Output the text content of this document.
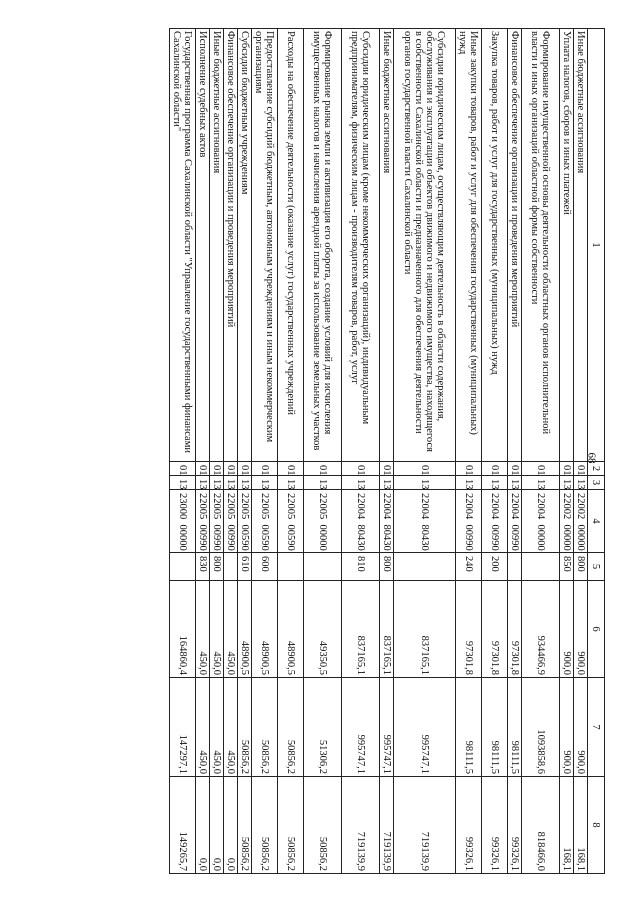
68
1	2	3	4	5	6	7	8
Иные бюджетные ассигнования	01	13	22002  00000	800	900,0	900,0	168,1
Уплата налогов, сборов и иных платежей	01	13	22002  00000	850	900,0	900,0	168,1
Формирование имущественной основы деятельности областных органов исполнительной власти и иных организаций областной формы собственности	01	13	22004  00000		934466,9	1093858,6	818466,0
Финансовое обеспечение организации и проведения мероприятий	01	13	22004  00990		97301,8	98111,5	99326,1
Закупка товаров, работ и услуг для государственных (муниципальных) нужд	01	13	22004  00990	200	97301,8	98111,5	99326,1
Иные закупки товаров, работ и услуг для обеспечения государственных (муниципальных) нужд	01	13	22004  00990	240	97301,8	98111,5	99326,1
Субсидии юридическим лицам, осуществляющим деятельность в области содержания, обслуживания и эксплуатации объектов движимого и недвижимого имущества, находящегося в собственности Сахалинской области и предназначенного для обеспечения деятельности органов государственной власти Сахалинской области	01	13	22004  80430		837165,1	995747,1	719139,9
Иные бюджетные ассигнования	01	13	22004  80430	800	837165,1	995747,1	719139,9
Субсидии юридическим лицам (кроме некоммерческих организаций), индивидуальным предпринимателям, физическим лицам - производителям товаров, работ, услуг	01	13	22004  80430	810	837165,1	995747,1	719139,9
Формирование рынка земли и активизация его оборота, создание условий для исчисления имущественных налогов и начисления арендной платы за использование земельных участков	01	13	22005  00000		49350,5	51306,2	50856,2
Расходы на обеспечение деятельности (оказание услуг) государственных учреждений	01	13	22005  00590		48900,5	50856,2	50856,2
Предоставление субсидий бюджетным, автономным учреждениям и иным некоммерческим организациям	01	13	22005  00590	600	48900,5	50856,2	50856,2
Субсидии бюджетным учреждениям	01	13	22005  00590	610	48900,5	50856,2	50856,2
Финансовое обеспечение организации и проведения мероприятий	01	13	22005  00990		450,0	450,0	0,0
Иные бюджетные ассигнования	01	13	22005  00990	800	450,0	450,0	0,0
Исполнение судебных актов	01	13	22005  00990	830	450,0	450,0	0,0
Государственная программа Сахалинской области "Управление государственными финансами Сахалинской области"	01	13	23000  00000		164860,4	147297,1	149265,7
